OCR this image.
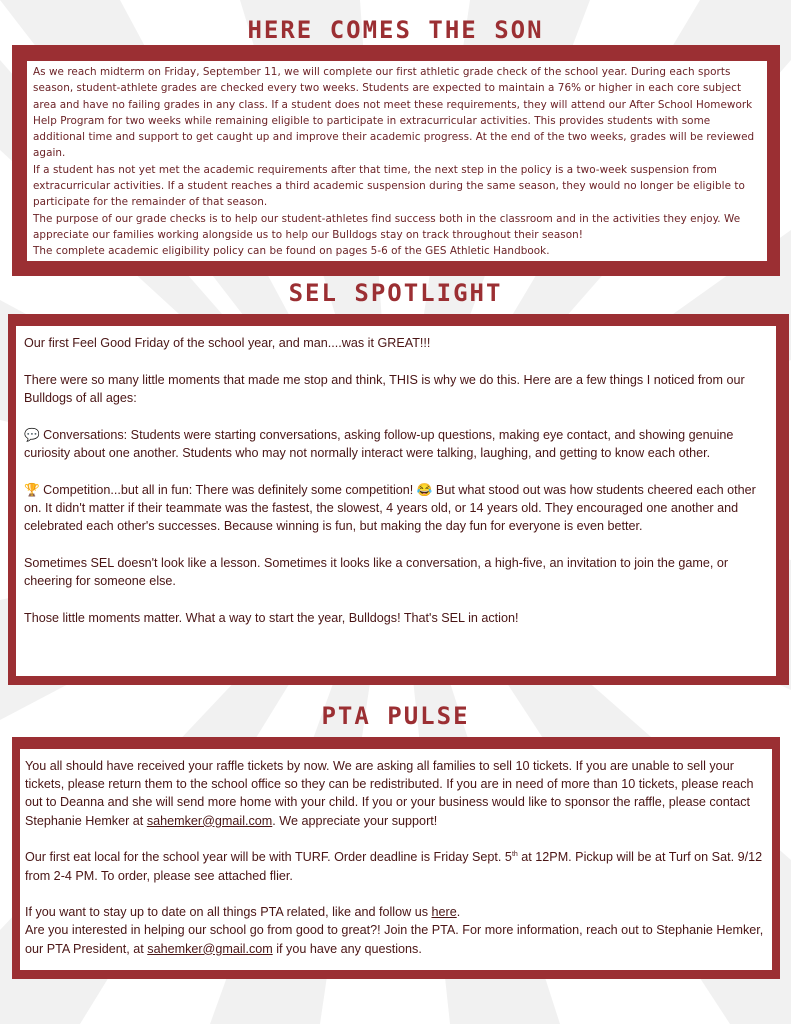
HERE COMES THE SON

As we reach midterm on Friday, September 11, we will complete our first athletic grade check of the school year. During each sports season, student-athlete grades are checked every two weeks. Students are expected to maintain a 76% or higher in each core subject area and have no failing grades in any class. If a student does not meet these requirements, they will attend our After School Homework Help Program for two weeks while remaining eligible to participate in extracurricular activities. This provides students with some additional time and support to get caught up and improve their academic progress. At the end of the two weeks, grades will be reviewed again.

If a student has not yet met the academic requirements after that time, the next step in the policy is a two-week suspension from extracurricular activities. If a student reaches a third academic suspension during the same season, they would no longer be eligible to participate for the remainder of that season.

The purpose of our grade checks is to help our student-athletes find success both in the classroom and in the activities they enjoy. We appreciate our families working alongside us to help our Bulldogs stay on track throughout their season!

The complete academic eligibility policy can be found on pages 5-6 of the GES Athletic Handbook.

SEL SPOTLIGHT

Our first Feel Good Friday of the school year, and man....was it GREAT!!!

There were so many little moments that made me stop and think, THIS is why we do this. Here are a few things I noticed from our Bulldogs of all ages:

💬 Conversations: Students were starting conversations, asking follow-up questions, making eye contact, and showing genuine curiosity about one another. Students who may not normally interact were talking, laughing, and getting to know each other.

🏆 Competition...but all in fun: There was definitely some competition! 😂 But what stood out was how students cheered each other on. It didn't matter if their teammate was the fastest, the slowest, 4 years old, or 14 years old. They encouraged one another and celebrated each other's successes. Because winning is fun, but making the day fun for everyone is even better.

Sometimes SEL doesn't look like a lesson. Sometimes it looks like a conversation, a high-five, an invitation to join the game, or cheering for someone else.

Those little moments matter. What a way to start the year, Bulldogs! That's SEL in action!

PTA PULSE

You all should have received your raffle tickets by now. We are asking all families to sell 10 tickets. If you are unable to sell your tickets, please return them to the school office so they can be redistributed. If you are in need of more than 10 tickets, please reach out to Deanna and she will send more home with your child. If you or your business would like to sponsor the raffle, please contact Stephanie Hemker at sahemker@gmail.com. We appreciate your support!

Our first eat local for the school year will be with TURF. Order deadline is Friday Sept. 5th at 12PM. Pickup will be at Turf on Sat. 9/12 from 2-4 PM. To order, please see attached flier.

If you want to stay up to date on all things PTA related, like and follow us here.

Are you interested in helping our school go from good to great?! Join the PTA. For more information, reach out to Stephanie Hemker, our PTA President, at sahemker@gmail.com if you have any questions.
